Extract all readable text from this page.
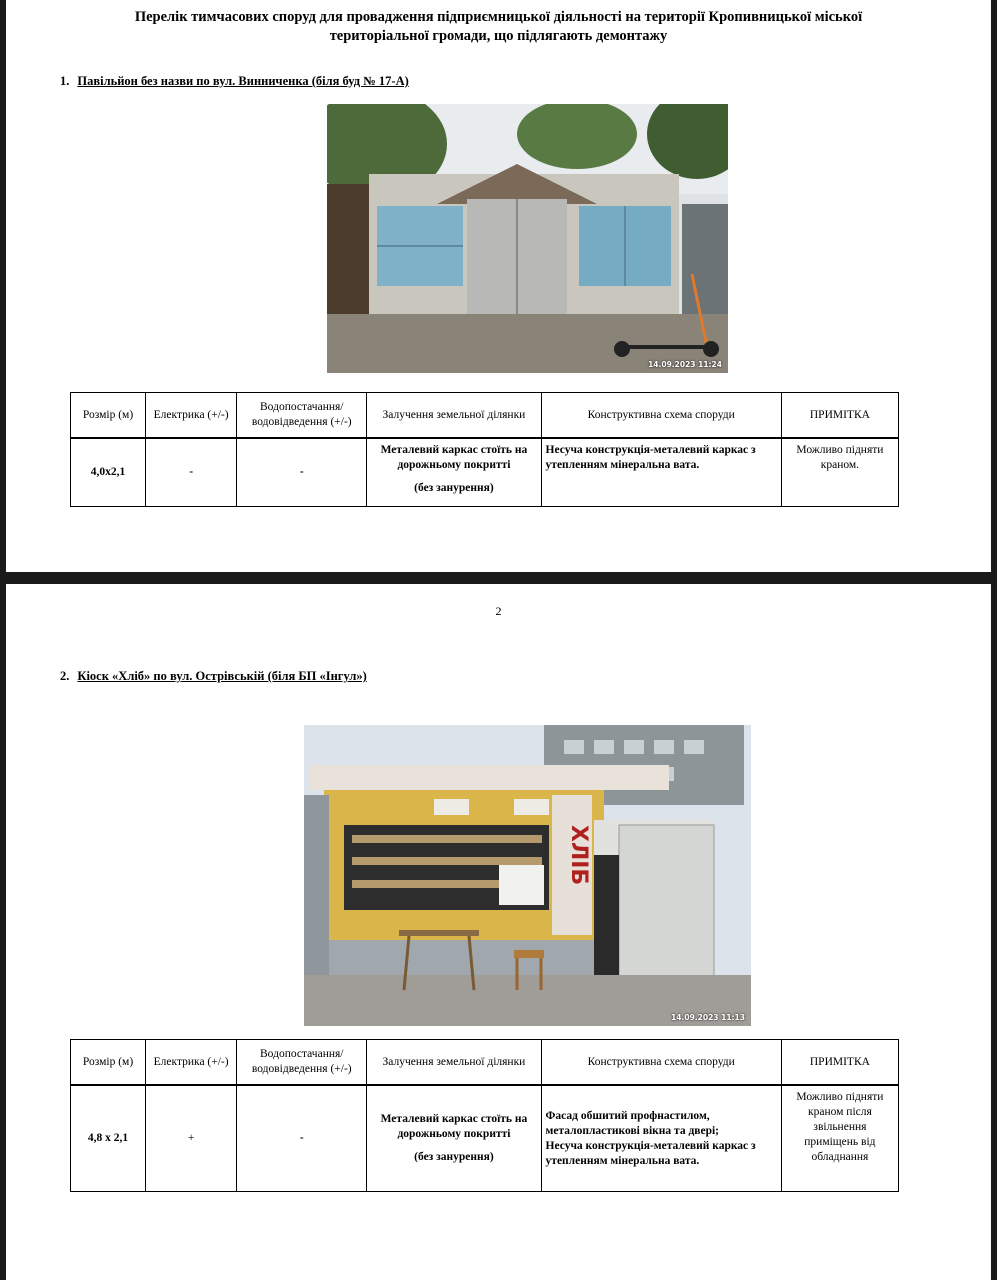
Перелік тимчасових споруд для провадження підприємницької діяльності на території Кропивницької міської
територіальної громади, що підлягають демонтажу
1. Павільйон без назви по вул. Винниченка (біля буд № 17-А)
14.09.2023 11:24
Розмір (м)	Електрика (+/-)	Водопостачання/ водовідведення (+/-)	Залучення земельної ділянки	Конструктивна схема споруди	ПРИМІТКА
4,0х2,1	-	-	Металевий каркас стоїть на дорожньому покритті
(без занурення)	Несуча конструкція-металевий каркас з утепленням мінеральна вата.	Можливо підняти краном.
2
2. Кіоск «Хліб» по вул. Острівській (біля БП «Інгул»)
ХЛІБ
14.09.2023 11:13
Розмір (м)	Електрика (+/-)	Водопостачання/ водовідведення (+/-)	Залучення земельної ділянки	Конструктивна схема споруди	ПРИМІТКА
4,8 х 2,1	+	-	Металевий каркас стоїть на дорожньому покритті
(без занурення)	Фасад обшитий профнастилом, металопластикові вікна та двері;
Несуча конструкція-металевий каркас з утепленням мінеральна вата.	Можливо підняти краном після звільнення приміщень від обладнання
